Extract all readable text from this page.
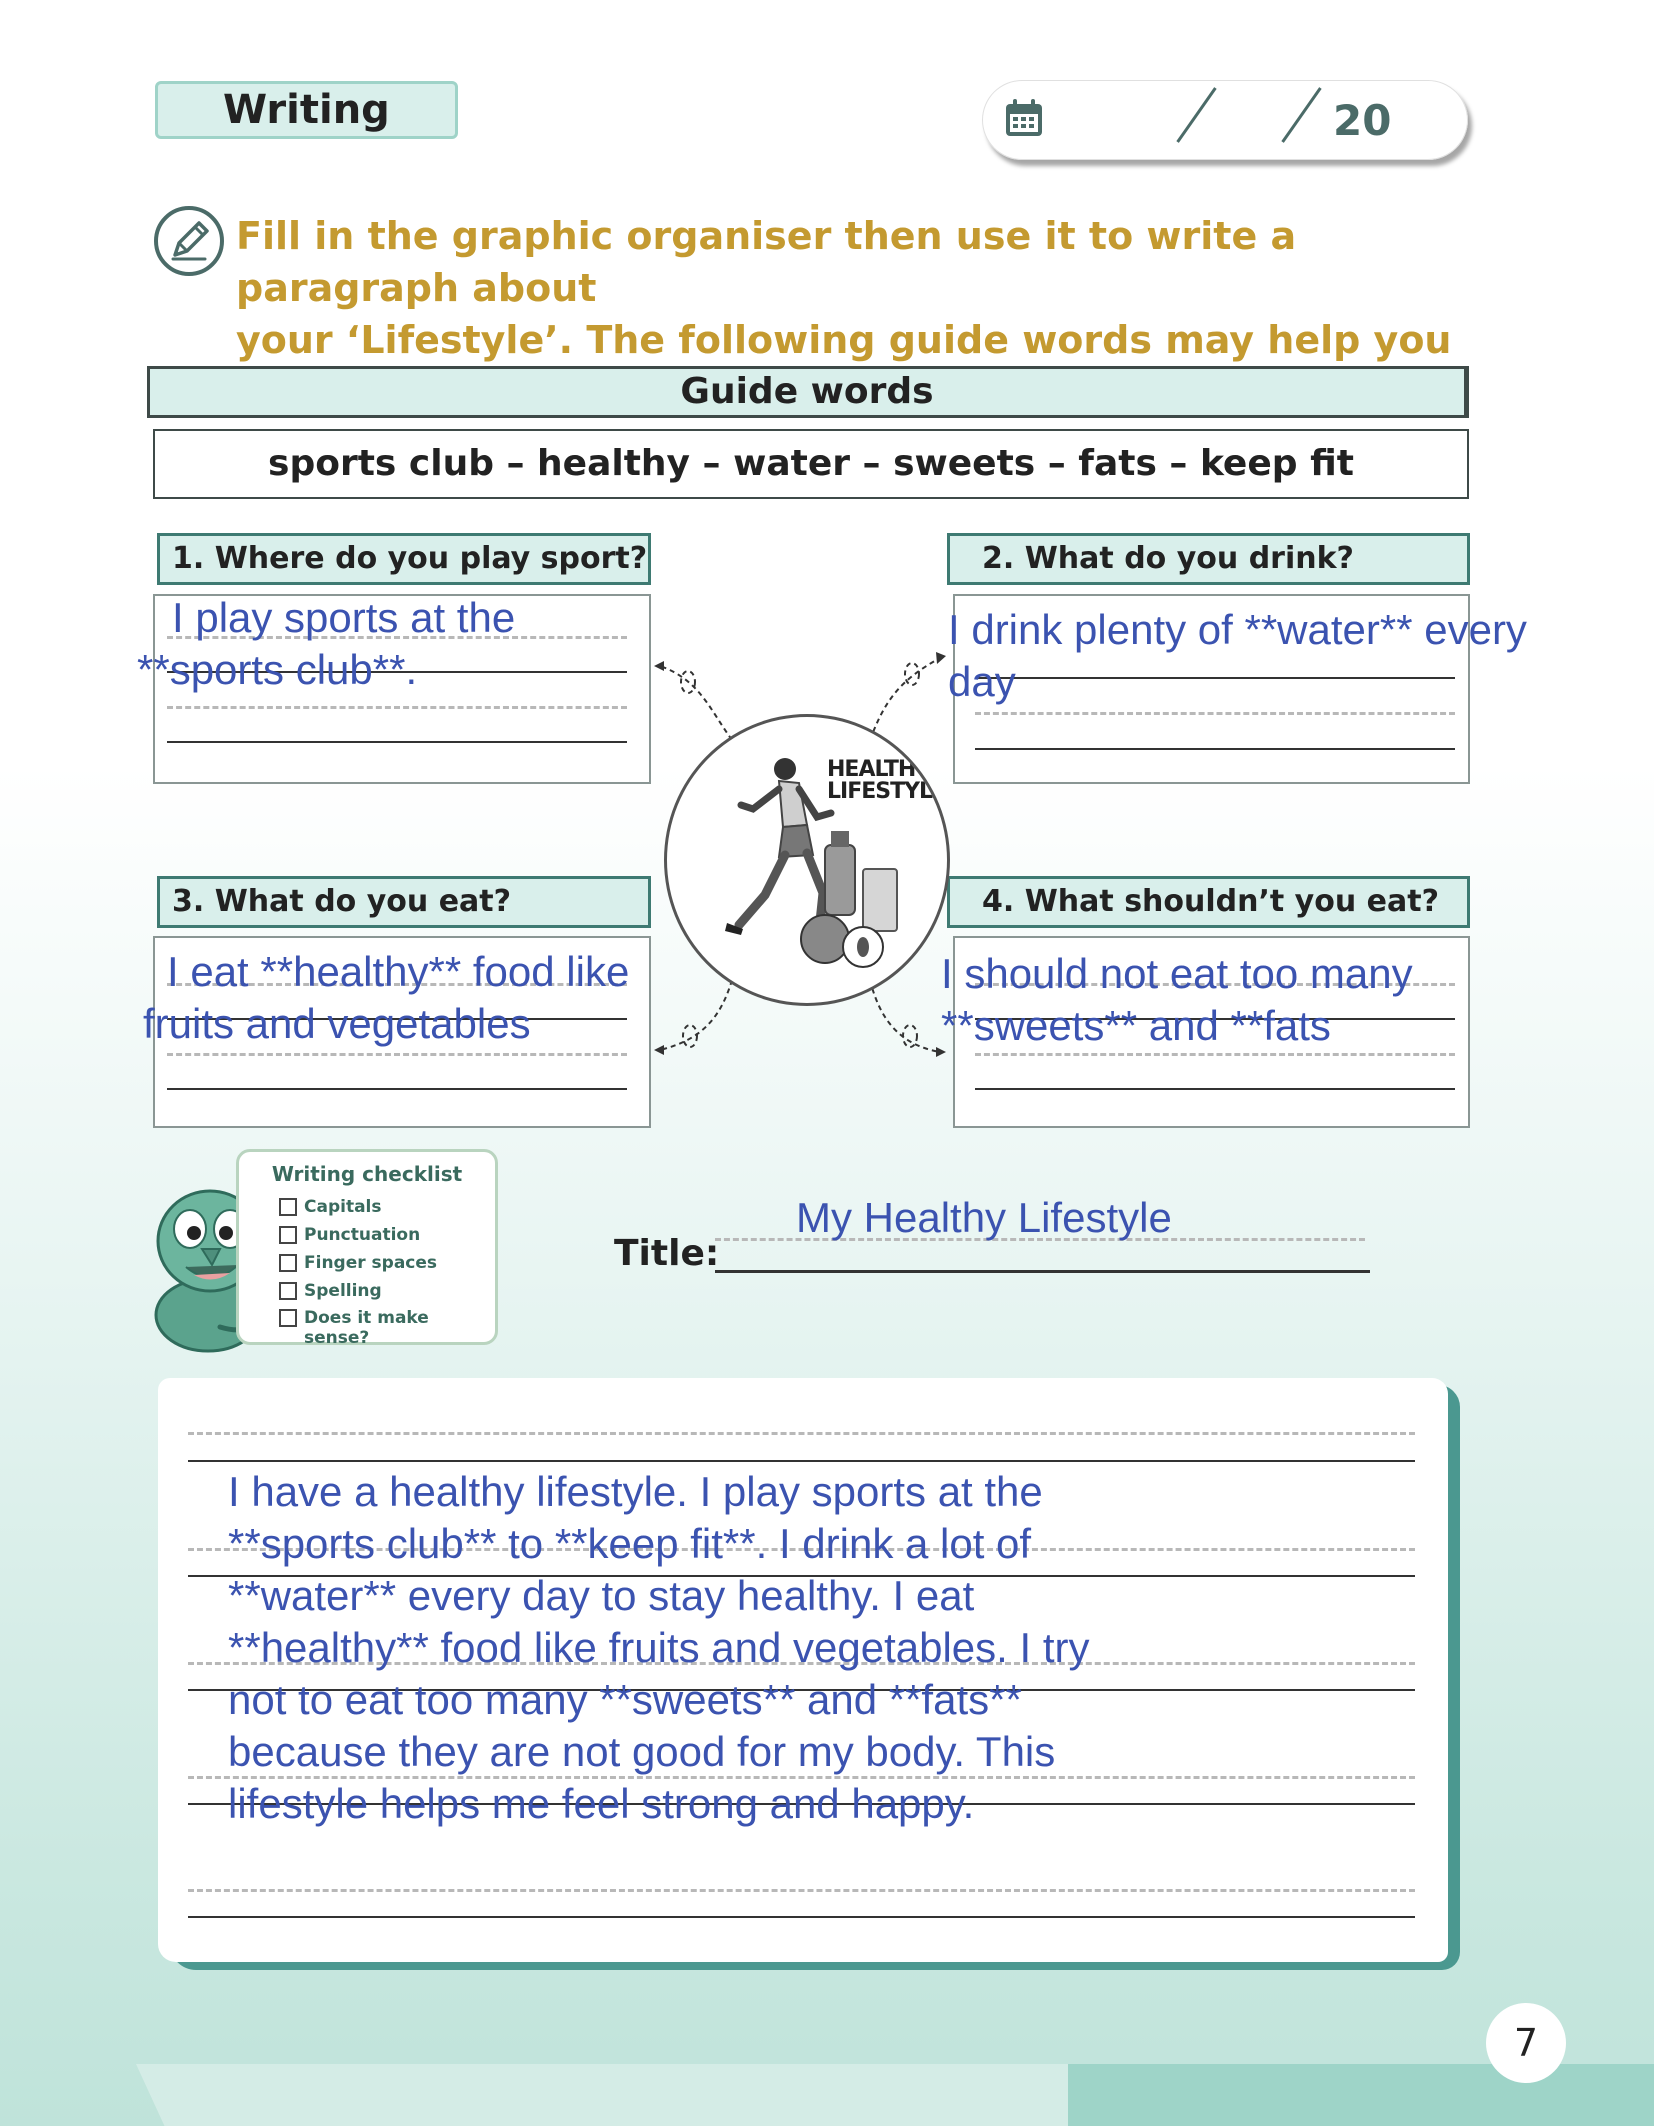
Writing	20
Fill in the graphic organiser then use it to write a paragraph about
your ‘Lifestyle’. The following guide words may help you
Guide words
sports club – healthy – water – sweets – fats – keep fit
1. Where do you play sport?
I play sports at the
**sports club**.
2. What do you drink?
I drink plenty of **water** every
day
3. What do you eat?
I eat **healthy** food like
fruits and vegetables
4. What shouldn’t you eat?
I should not eat too many
**sweets** and **fats
HEALTHY
LIFESTYLE
Writing checklist
Capitals
Punctuation
Finger spaces
Spelling
Does it make sense?
Title:
My Healthy Lifestyle
I have a healthy lifestyle. I play sports at the
**sports club** to **keep fit**. I drink a lot of
**water** every day to stay healthy. I eat
**healthy** food like fruits and vegetables. I try
not to eat too many **sweets** and **fats**
because they are not good for my body. This
lifestyle helps me feel strong and happy.
7
